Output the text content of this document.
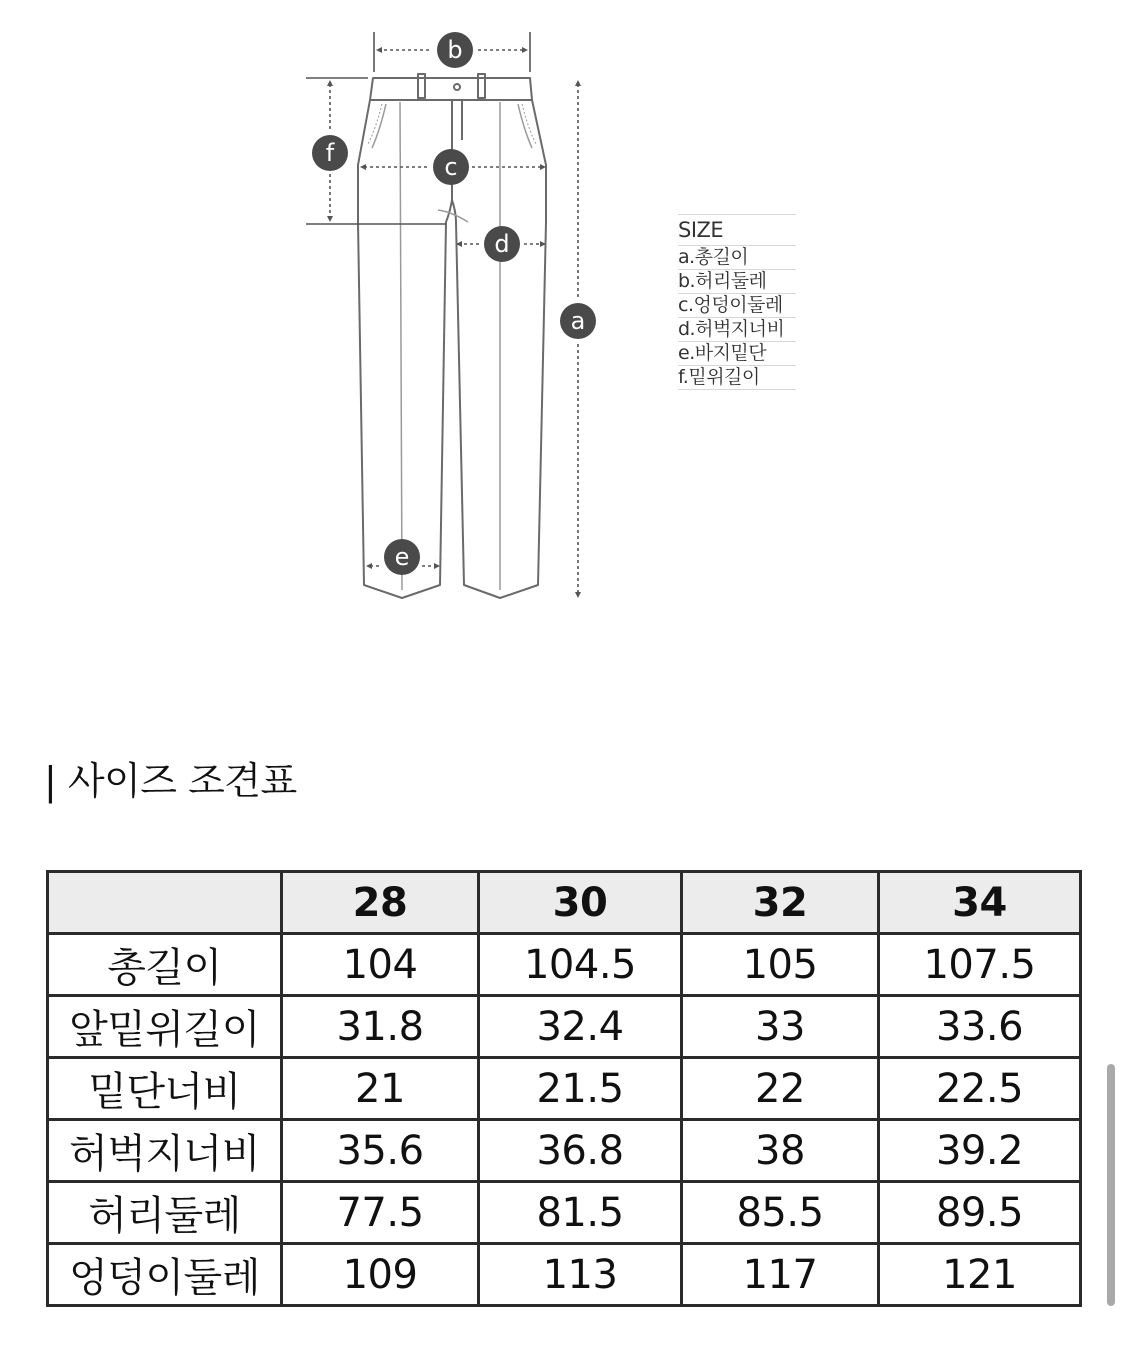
b
f	c
d
a
e
SIZE
a.총길이
b.허리둘레
c.엉덩이둘레
d.허벅지너비
e.바지밑단
f.밑위길이
| 사이즈 조견표
	28	30	32	34
총길이	104	104.5	105	107.5
앞밑위길이	31.8	32.4	33	33.6
밑단너비	21	21.5	22	22.5
허벅지너비	35.6	36.8	38	39.2
허리둘레	77.5	81.5	85.5	89.5
엉덩이둘레	109	113	117	121
